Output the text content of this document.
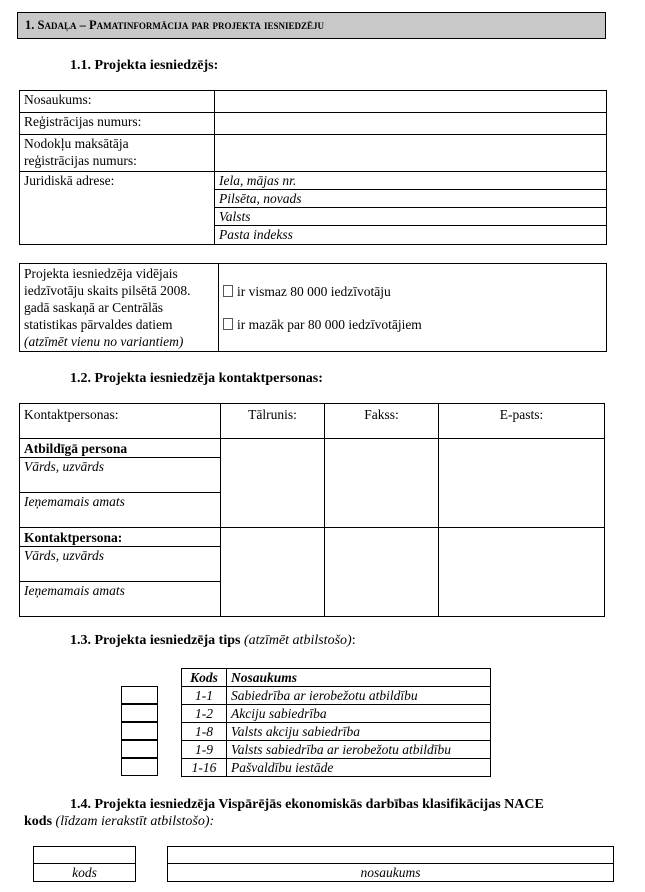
1. Sadaļa – Pamatinformācija par projekta iesniedzēju
1.1. Projekta iesniedzējs:
Nosaukums:	
Reģistrācijas numurs:	

Nodokļu maksātāja
reģistrācijas numurs:	

Juridiskā adrese:	Iela, mājas nr.
	Pilsēta, novads
	Valsts
	Pasta indekss
Projekta iesniedzēja vidējais
iedzīvotāju skaits pilsētā 2008.
gadā saskaņā ar Centrālās
statistikas pārvaldes datiem
(atzīmēt vienu no variantiem)

ir vismaz 80 000 iedzīvotāju
ir mazāk par 80 000 iedzīvotājiem
1.2. Projekta iesniedzēja kontaktpersonas:
Kontaktpersonas:	Tālrunis:	Fakss:	E-pasts:
Atbildīgā persona			
Vārds, uzvārds			
Ieņemamais amats			
Kontaktpersona:			
Vārds, uzvārds			
Ieņemamais amats			
1.3. Projekta iesniedzēja tips (atzīmēt atbilstošo):
Kods	Nosaukums
1-1	Sabiedrība ar ierobežotu atbildību
1-2	Akciju sabiedrība
1-8	Valsts akciju sabiedrība
1-9	Valsts sabiedrība ar ierobežotu atbildību
1-16	Pašvaldību iestāde
1.4. Projekta iesniedzēja Vispārējās ekonomiskās darbības klasifikācijas NACE
kods (līdzam ierakstīt atbilstošo):
kods	nosaukums
